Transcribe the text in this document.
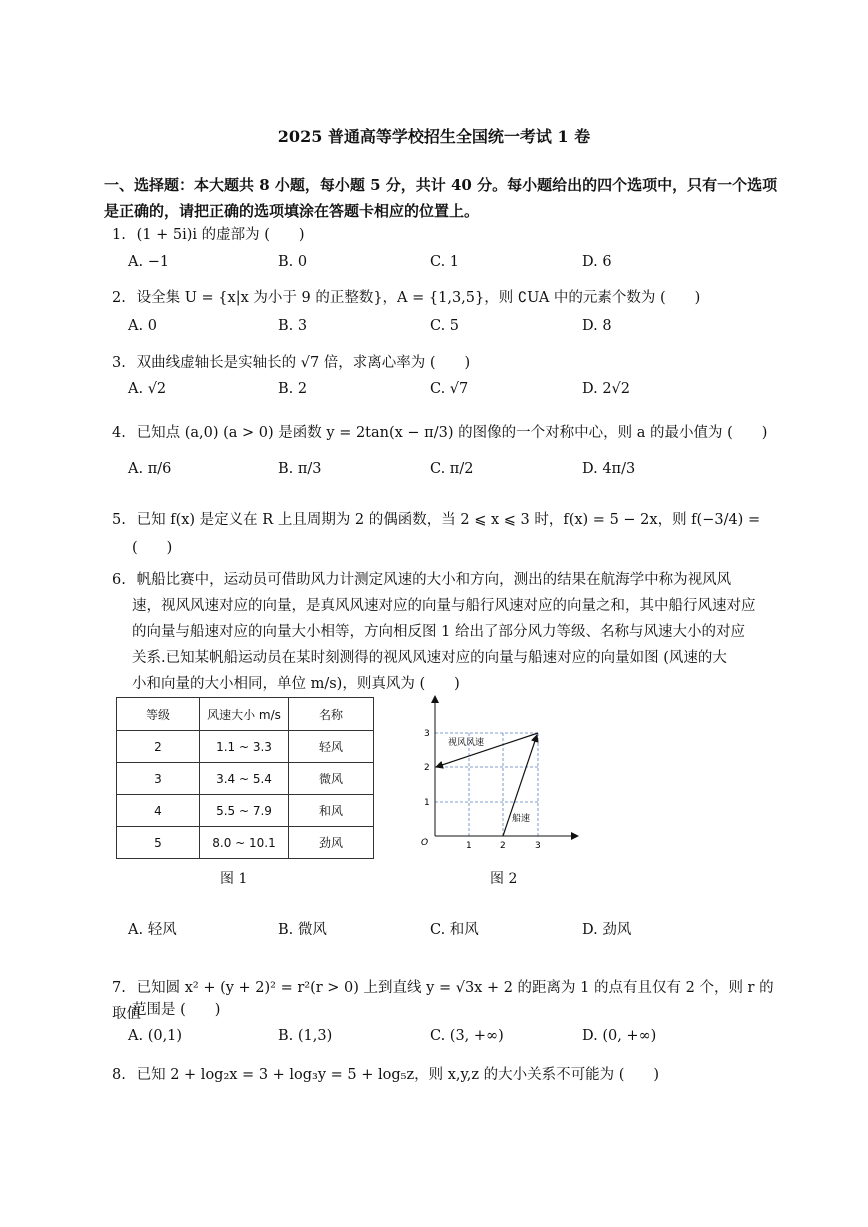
2025 普通高等学校招生全国统一考试 1 卷
一、选择题：本大题共 8 小题，每小题 5 分，共计 40 分。每小题给出的四个选项中，只有一个选项
是正确的，请把正确的选项填涂在答题卡相应的位置上。
1. (1 + 5i)i 的虚部为 (　　)
A. −1	B. 0	C. 1	D. 6
2. 设全集 U = {x|x 为小于 9 的正整数}，A = {1,3,5}，则 ∁UA 中的元素个数为 (　　)
A. 0	B. 3	C. 5	D. 8
3. 双曲线虚轴长是实轴长的 √7 倍，求离心率为 (　　)
A. √2	B. 2	C. √7	D. 2√2
4. 已知点 (a,0) (a > 0) 是函数 y = 2tan(x − π/3) 的图像的一个对称中心，则 a 的最小值为 (　　)
A. π/6	B. π/3	C. π/2	D. 4π/3
5. 已知 f(x) 是定义在 R 上且周期为 2 的偶函数，当 2 ⩽ x ⩽ 3 时，f(x) = 5 − 2x，则 f(−3/4) =
(　　)
6. 帆船比赛中，运动员可借助风力计测定风速的大小和方向，测出的结果在航海学中称为视风风
速，视风风速对应的向量，是真风风速对应的向量与船行风速对应的向量之和，其中船行风速对应
的向量与船速对应的向量大小相等，方向相反图 1 给出了部分风力等级、名称与风速大小的对应
关系.已知某帆船运动员在某时刻测得的视风风速对应的向量与船速对应的向量如图 (风速的大
小和向量的大小相同，单位 m/s)，则真风为 (　　)
等级	风速大小 m/s	名称
2	1.1 ~ 3.3	轻风
3	3.4 ~ 5.4	微风
4	5.5 ~ 7.9	和风
5	8.0 ~ 10.1	劲风
图 1
O	1	2	3
1
2
3
视风风速
船速
图 2
A. 轻风	B. 微风	C. 和风	D. 劲风
7. 已知圆 x² + (y + 2)² = r²(r > 0) 上到直线 y = √3x + 2 的距离为 1 的点有且仅有 2 个，则 r 的取值
范围是 (　　)
A. (0,1)	B. (1,3)	C. (3, +∞)	D. (0, +∞)
8. 已知 2 + log₂x = 3 + log₃y = 5 + log₅z，则 x,y,z 的大小关系不可能为 (　　)
